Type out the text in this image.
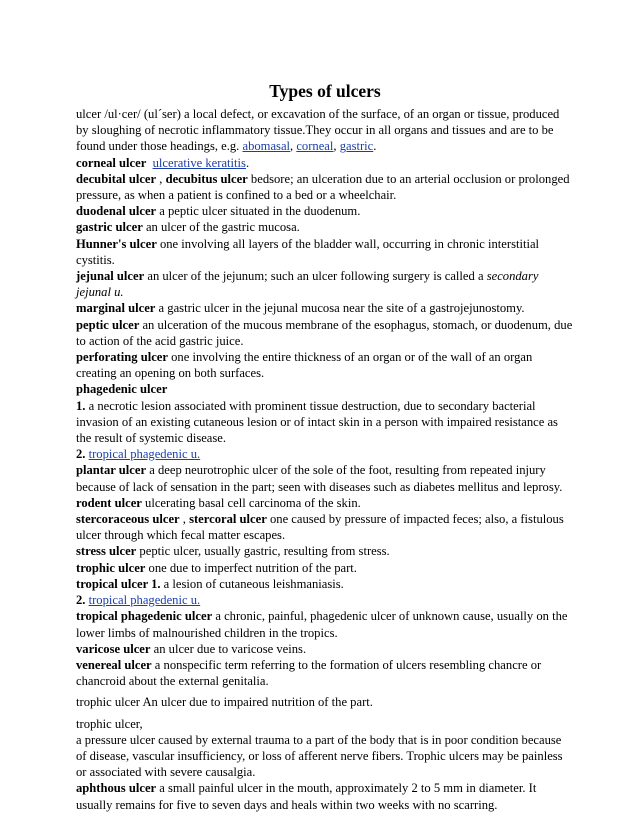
Types of ulcers

ulcer /ul·cer/ (ul´ser) a local defect, or excavation of the surface, of an organ or tissue, produced by sloughing of necrotic inflammatory tissue.They occur in all organs and tissues and are to be found under those headings, e.g. abomasal, corneal, gastric.

corneal ulcer ulcerative keratitis.

decubital ulcer , decubitus ulcer bedsore; an ulceration due to an arterial occlusion or prolonged pressure, as when a patient is confined to a bed or a wheelchair.

duodenal ulcer a peptic ulcer situated in the duodenum.

gastric ulcer an ulcer of the gastric mucosa.

Hunner's ulcer one involving all layers of the bladder wall, occurring in chronic interstitial cystitis.

jejunal ulcer an ulcer of the jejunum; such an ulcer following surgery is called a secondary jejunal u.

marginal ulcer a gastric ulcer in the jejunal mucosa near the site of a gastrojejunostomy.

peptic ulcer an ulceration of the mucous membrane of the esophagus, stomach, or duodenum, due to action of the acid gastric juice.

perforating ulcer one involving the entire thickness of an organ or of the wall of an organ creating an opening on both surfaces.

phagedenic ulcer

1. a necrotic lesion associated with prominent tissue destruction, due to secondary bacterial invasion of an existing cutaneous lesion or of intact skin in a person with impaired resistance as the result of systemic disease.

2. tropical phagedenic u.

plantar ulcer a deep neurotrophic ulcer of the sole of the foot, resulting from repeated injury because of lack of sensation in the part; seen with diseases such as diabetes mellitus and leprosy.

rodent ulcer ulcerating basal cell carcinoma of the skin.

stercoraceous ulcer , stercoral ulcer one caused by pressure of impacted feces; also, a fistulous ulcer through which fecal matter escapes.

stress ulcer peptic ulcer, usually gastric, resulting from stress.

trophic ulcer one due to imperfect nutrition of the part.

tropical ulcer 1. a lesion of cutaneous leishmaniasis.

2. tropical phagedenic u.

tropical phagedenic ulcer a chronic, painful, phagedenic ulcer of unknown cause, usually on the lower limbs of malnourished children in the tropics.

varicose ulcer an ulcer due to varicose veins.

venereal ulcer a nonspecific term referring to the formation of ulcers resembling chancre or chancroid about the external genitalia.

trophic ulcer An ulcer due to impaired nutrition of the part.

trophic ulcer,

a pressure ulcer caused by external trauma to a part of the body that is in poor condition because of disease, vascular insufficiency, or loss of afferent nerve fibers. Trophic ulcers may be painless or associated with severe causalgia.

aphthous ulcer a small painful ulcer in the mouth, approximately 2 to 5 mm in diameter. It usually remains for five to seven days and heals within two weeks with no scarring.
